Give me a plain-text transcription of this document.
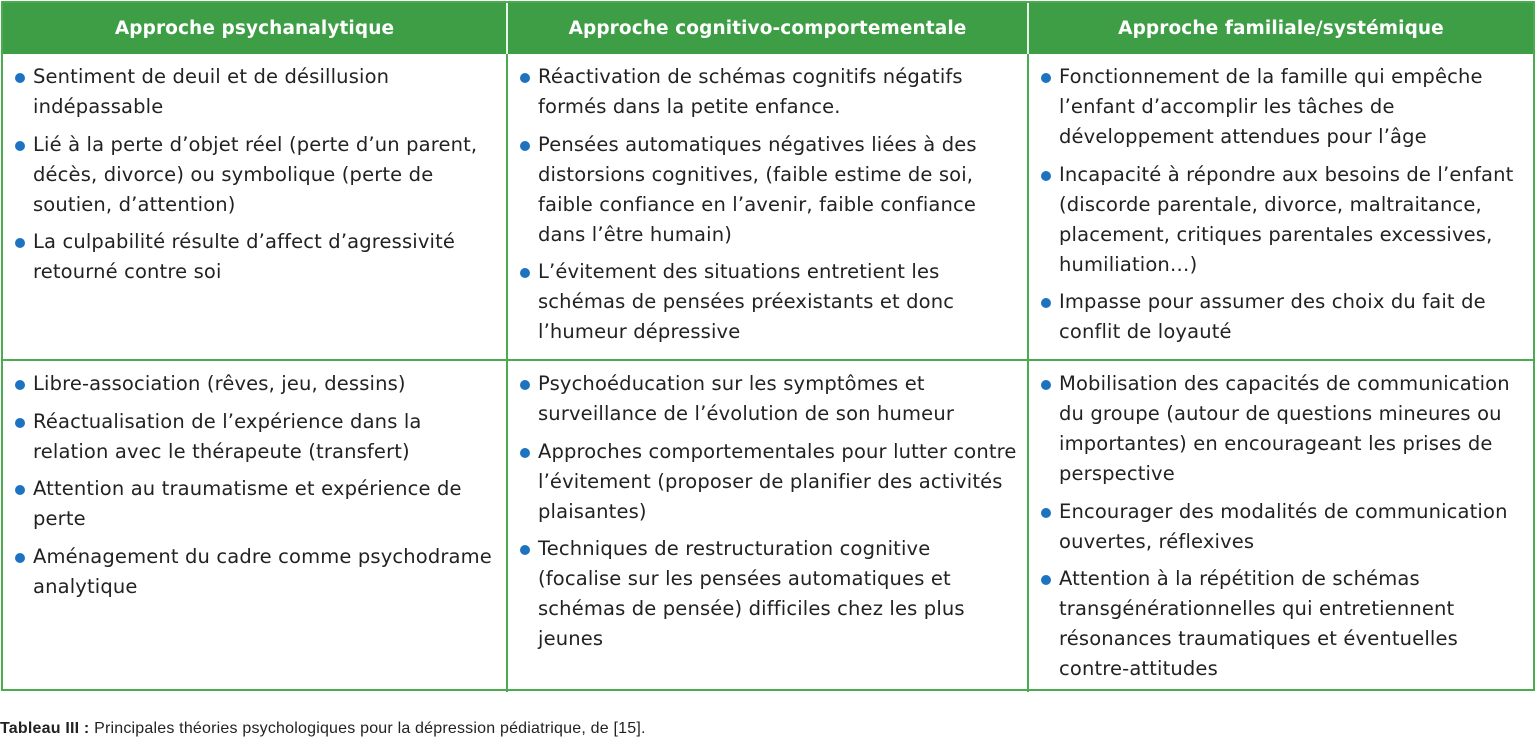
Approche psychanalytique	Approche cognitivo-comportementale	Approche familiale/systémique
Sentiment de deuil et de désillusion indépassable
Lié à la perte d’objet réel (perte d’un parent, décès, divorce) ou symbolique (perte de soutien, d’attention)
La culpabilité résulte d’affect d’agressivité retourné contre soi
Réactivation de schémas cognitifs négatifs formés dans la petite enfance.
Pensées automatiques négatives liées à des distorsions cognitives, (faible estime de soi, faible confiance en l’avenir, faible confiance dans l’être humain)
L’évitement des situations entretient les schémas de pensées préexistants et donc l’humeur dépressive
Fonctionnement de la famille qui empêche l’enfant d’accomplir les tâches de développement attendues pour l’âge
Incapacité à répondre aux besoins de l’enfant (discorde parentale, divorce, maltraitance, placement, critiques parentales excessives, humiliation…)
Impasse pour assumer des choix du fait de conflit de loyauté
Libre-association (rêves, jeu, dessins)
Réactualisation de l’expérience dans la relation avec le thérapeute (transfert)
Attention au traumatisme et expérience de perte
Aménagement du cadre comme psychodrame analytique
Psychoéducation sur les symptômes et surveillance de l’évolution de son humeur
Approches comportementales pour lutter contre l’évitement (proposer de planifier des activités plaisantes)
Techniques de restructuration cognitive (focalise sur les pensées automatiques et schémas de pensée) difficiles chez les plus jeunes
Mobilisation des capacités de communication du groupe (autour de questions mineures ou importantes) en encourageant les prises de perspective
Encourager des modalités de communication ouvertes, réflexives
Attention à la répétition de schémas transgénérationnelles qui entretiennent résonances traumatiques et éventuelles contre-attitudes
Tableau III : Principales théories psychologiques pour la dépression pédiatrique, de [15].
